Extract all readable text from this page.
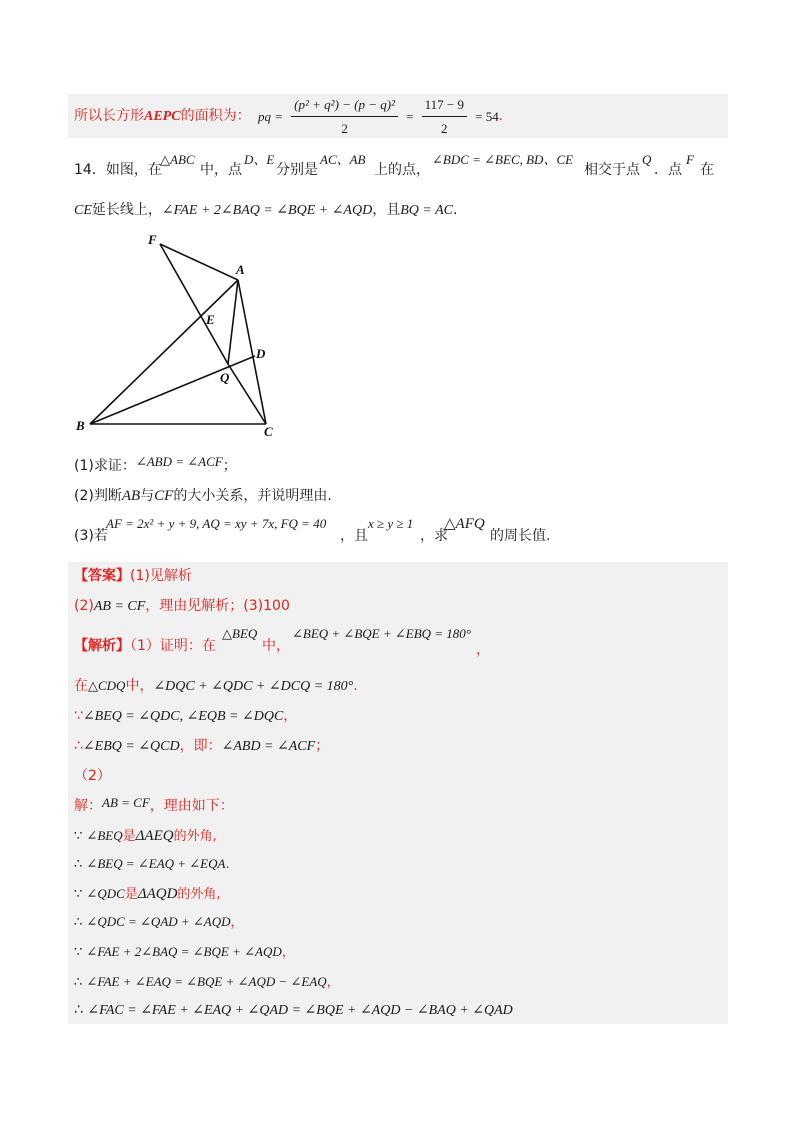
所以长方形AEPC的面积为： pq = $\frac{\text{(p² + q²) − (p − q)²}}{2} = \frac{117 - 9}{2} = 54$.
14．如图，在
△ABC
中，点
D、E
分别是
AC、AB
上的点，
∠BDC = ∠BEC, BD、CE
相交于点
Q
．点
F
在
CE延长线上，∠FAE + 2∠BAQ = ∠BQE + ∠AQD，且BQ = AC.
F
A
E
D
Q
B	C
(1)求证：∠ABD = ∠ACF；
(2)判断AB与CF的大小关系，并说明理由.
(3)若
AF = 2x² + y + 9, AQ = xy + 7x, FQ = 40
，且
x ≥ y ≥ 1
，求
△AFQ
的周长值.
【答案】(1)见解析
(2)AB = CF，理由见解析；(3)100
【解析】（1）证明：在
△BEQ
中，
∠BEQ + ∠BQE + ∠EBQ = 180°
，
在△CDQ中，∠DQC + ∠QDC + ∠DCQ = 180°.
∵∠BEQ = ∠QDC, ∠EQB = ∠DQC，
∴∠EBQ = ∠QCD，即：∠ABD = ∠ACF；
（2）
解：AB = CF，理由如下：
∵ ∠BEQ是ΔAEQ的外角,
∴ ∠BEQ = ∠EAQ + ∠EQA.
∵ ∠QDC是ΔAQD的外角,
∴ ∠QDC = ∠QAD + ∠AQD，
∵ ∠FAE + 2∠BAQ = ∠BQE + ∠AQD，
∴ ∠FAE + ∠EAQ = ∠BQE + ∠AQD − ∠EAQ，
∴ ∠FAC = ∠FAE + ∠EAQ + ∠QAD = ∠BQE + ∠AQD − ∠BAQ + ∠QAD
